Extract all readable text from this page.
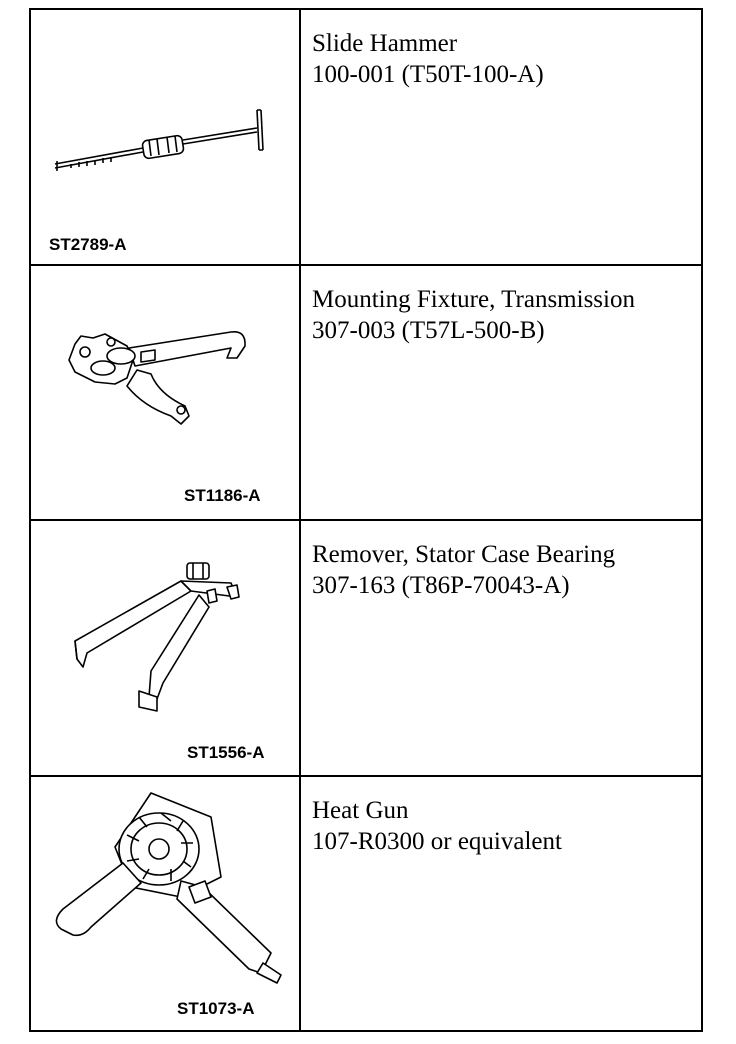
ST2789-A	Slide Hammer
100-001 (T50T-100-A)

ST1186-A	Mounting Fixture, Transmission
307-003 (T57L-500-B)

ST1556-A	Remover, Stator Case Bearing
307-163 (T86P-70043-A)

ST1073-A	Heat Gun
107-R0300 or equivalent
